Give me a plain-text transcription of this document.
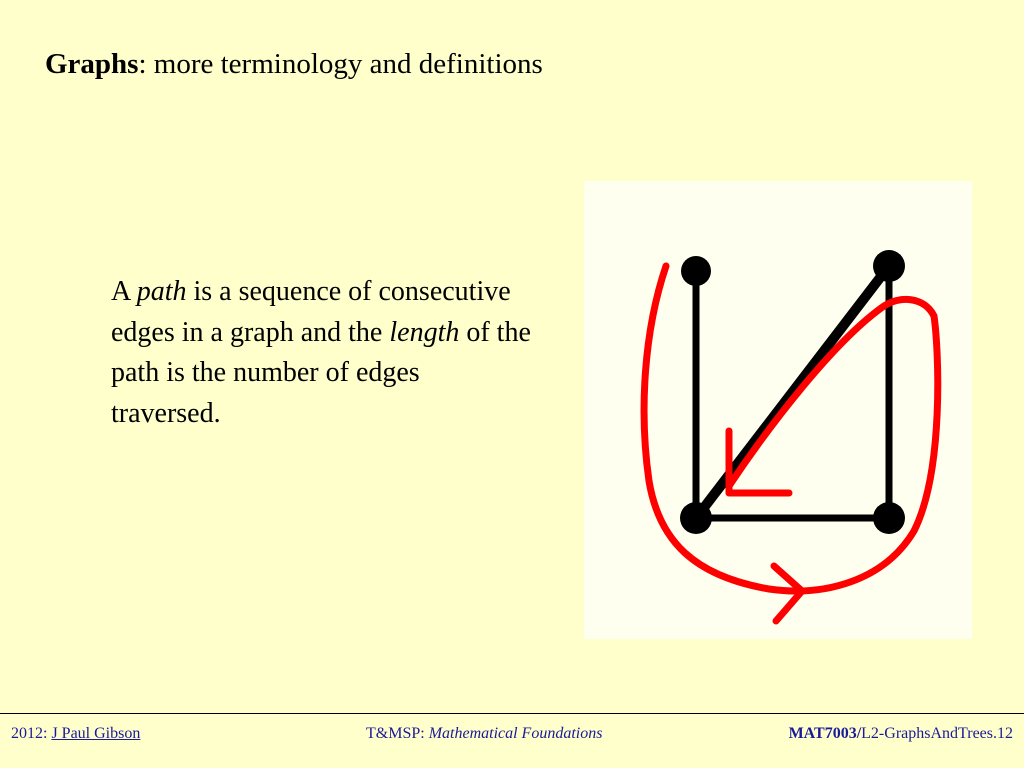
Graphs: more terminology and definitions
A path is a sequence of consecutive edges in a graph and the length of the path is the number of edges traversed.
2012: J Paul Gibson	T&MSP: Mathematical Foundations	MAT7003/L2-GraphsAndTrees.12
